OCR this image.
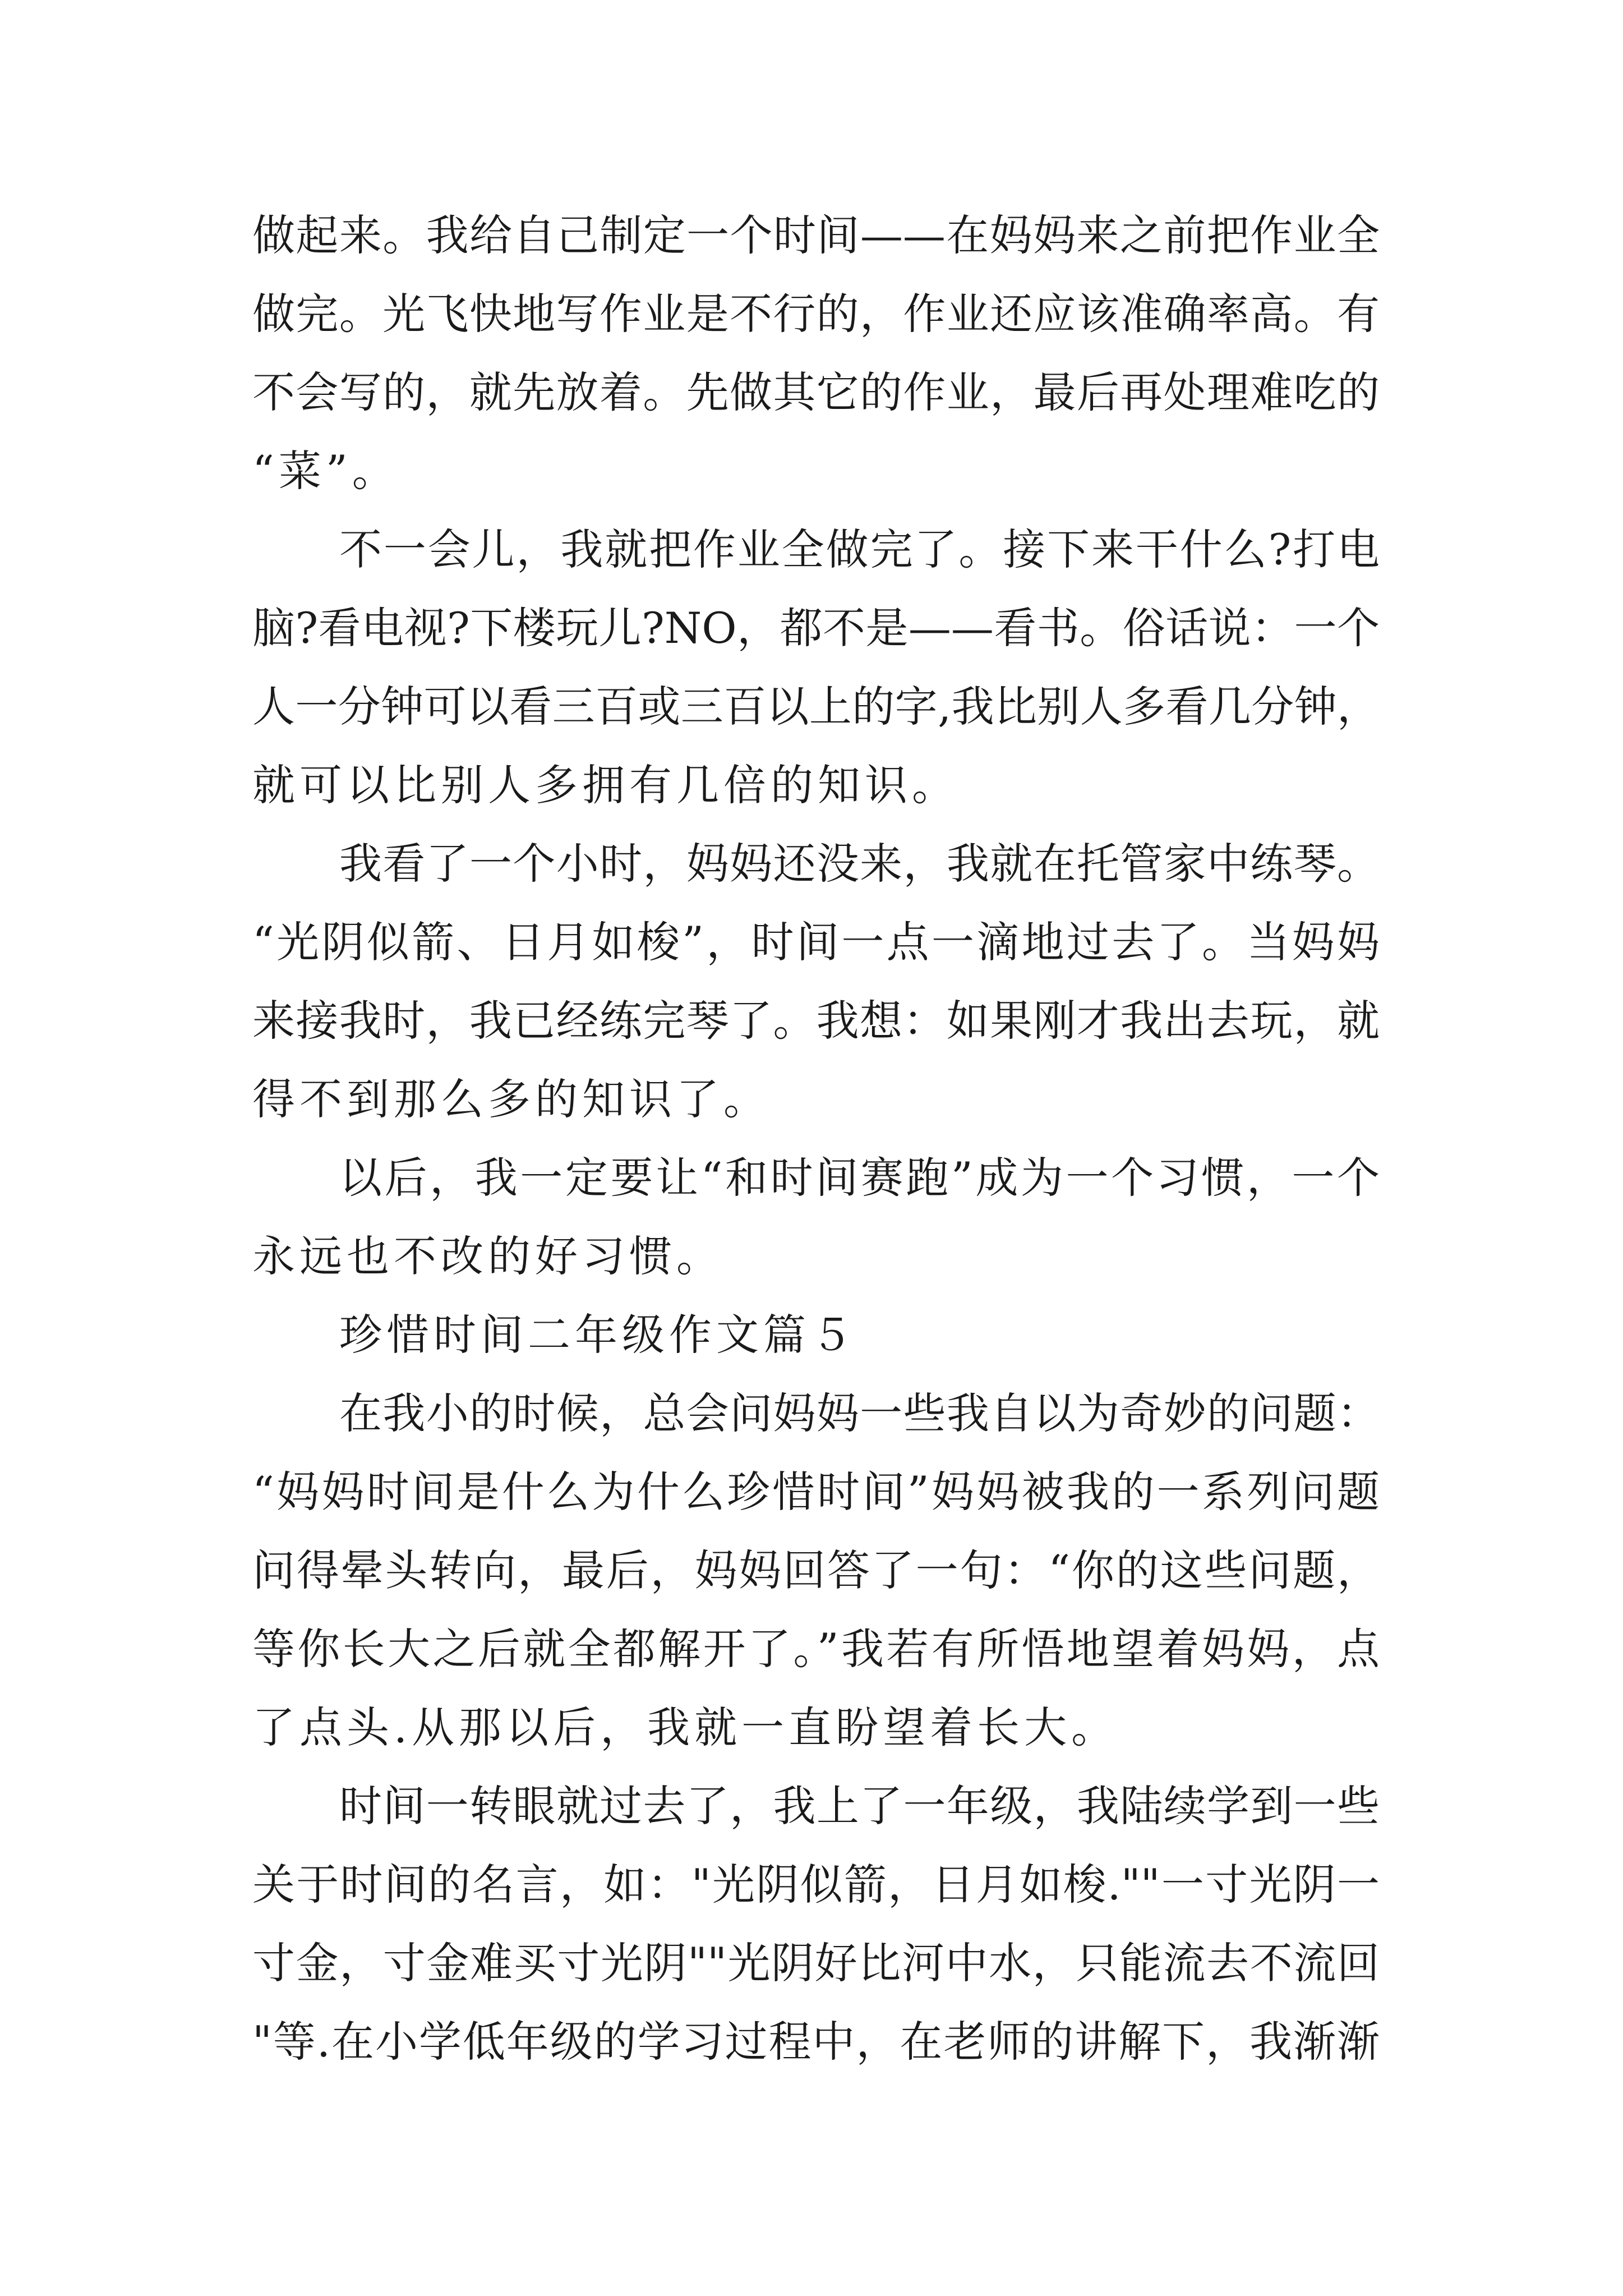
做起来。我给自己制定一个时间——在妈妈来之前把作业全
做完。光飞快地写作业是不行的，作业还应该准确率高。有
不会写的，就先放着。先做其它的作业，最后再处理难吃的
“菜”。
不一会儿，我就把作业全做完了。接下来干什么?打电
脑?看电视?下楼玩儿?NO，都不是——看书。俗话说：一个
人一分钟可以看三百或三百以上的字,我比别人多看几分钟，
就可以比别人多拥有几倍的知识。
我看了一个小时，妈妈还没来，我就在托管家中练琴。
“光阴似箭、日月如梭”，时间一点一滴地过去了。当妈妈
来接我时，我已经练完琴了。我想：如果刚才我出去玩，就
得不到那么多的知识了。
以后，我一定要让“和时间赛跑”成为一个习惯，一个
永远也不改的好习惯。
珍惜时间二年级作文篇５
在我小的时候，总会问妈妈一些我自以为奇妙的问题：
“妈妈时间是什么为什么珍惜时间”妈妈被我的一系列问题
问得晕头转向，最后，妈妈回答了一句：“你的这些问题，
等你长大之后就全都解开了。”我若有所悟地望着妈妈，点
了点头.从那以后，我就一直盼望着长大。
时间一转眼就过去了，我上了一年级，我陆续学到一些
关于时间的名言，如："光阴似箭，日月如梭.""一寸光阴一
寸金，寸金难买寸光阴""光阴好比河中水，只能流去不流回
"等.在小学低年级的学习过程中，在老师的讲解下，我渐渐
